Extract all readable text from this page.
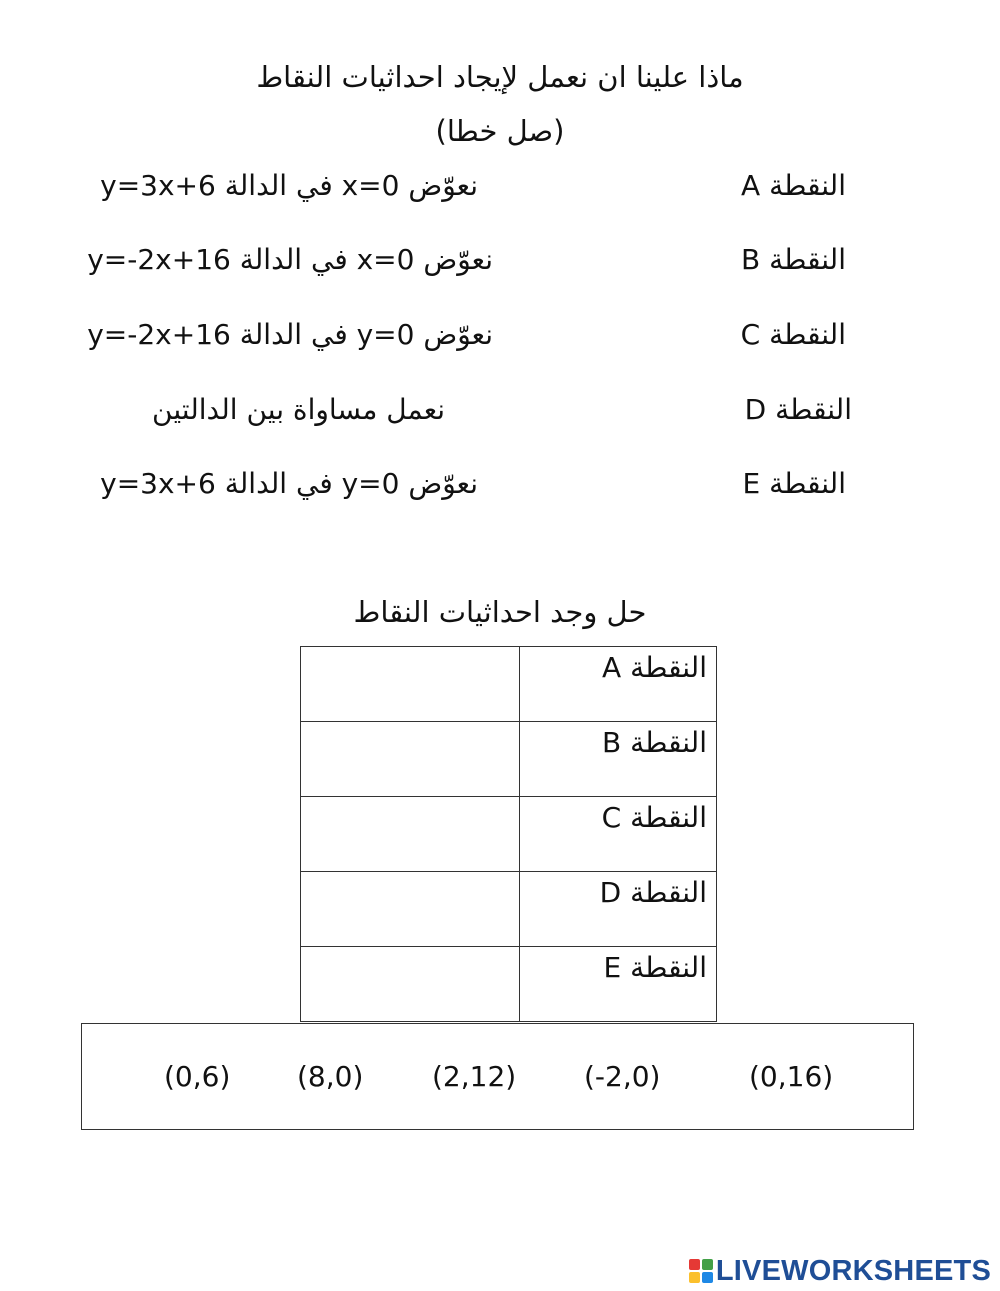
ماذا علينا ان نعمل لإيجاد احداثيات النقاط
(صل خطا)
النقطة A
نعوّض x=0 في الدالة y=3x+6
النقطة B
نعوّض x=0 في الدالة y=-2x+16
النقطة C
نعوّض y=0 في الدالة y=-2x+16
النقطة D
نعمل مساواة بين الدالتين
النقطة E
نعوّض y=0 في الدالة y=3x+6
حل وجد احداثيات النقاط
	النقطة A
	النقطة B
	النقطة C
	النقطة D
	النقطة E
(0,6) (8,0) (2,12) (-2,0)	(0,16)
LIVEWORKSHEETS
